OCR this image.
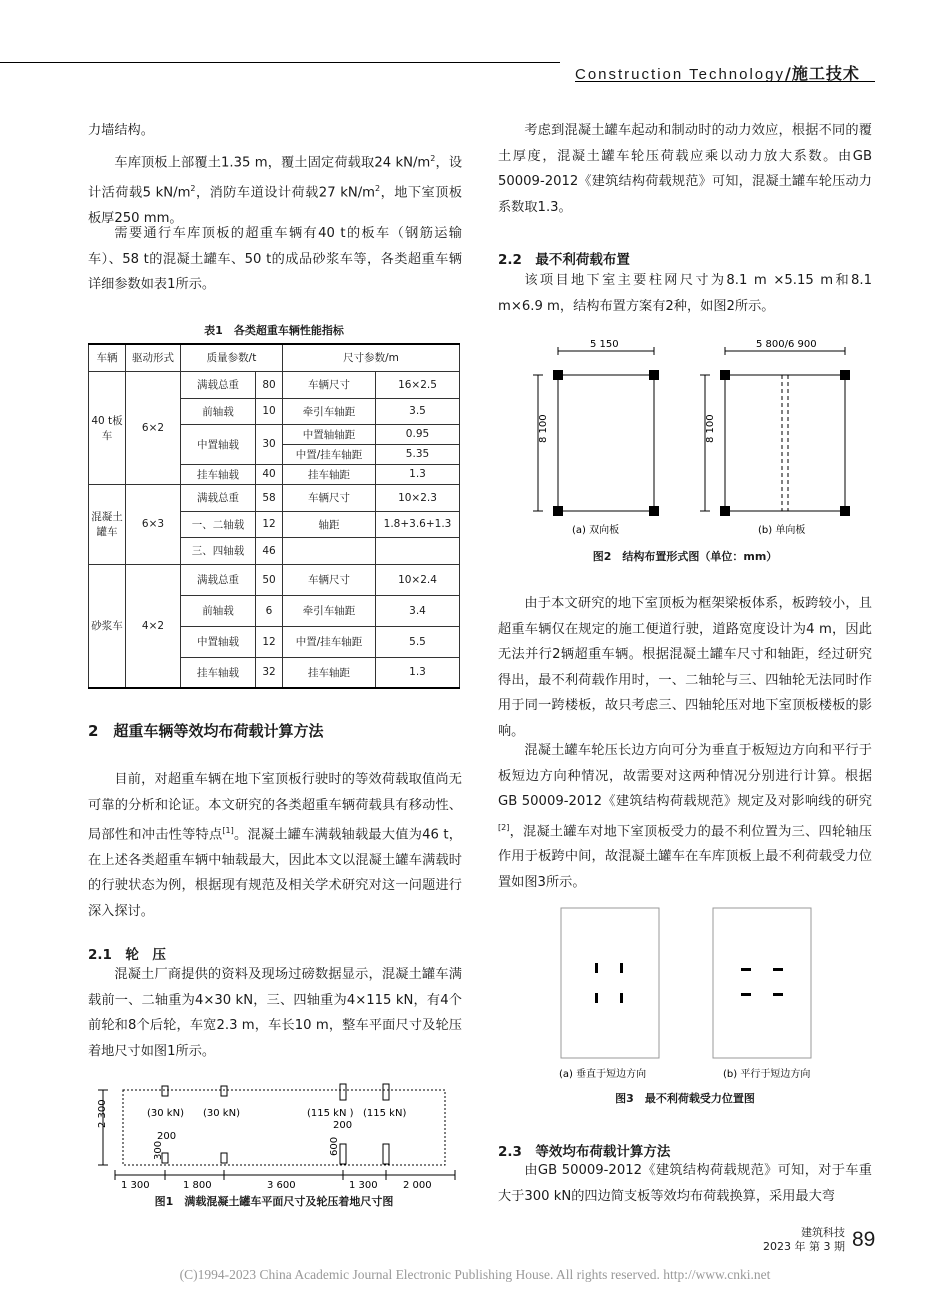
Construction Technology/施工技术

力墙结构。

车库顶板上部覆土1.35 m，覆土固定荷载取24 $kN/m^2$，设计活荷载5 $kN/m^2$，消防车道设计荷载27 $kN/m^2$，地下室顶板板厚250 mm。

需要通行车库顶板的超重车辆有40 t的板车（钢筋运输车）、58 t的混凝土罐车、50 t的成品砂浆车等，各类超重车辆详细参数如表1所示。

表1　各类超重车辆性能指标
车辆	驱动形式	质量参数/t		尺寸参数/m	
40 t板车	6×2	满载总重	80	车辆尺寸	16×2.5
		前轴载	10	牵引车轴距	3.5
		中置轴载	30	中置轴轴距	0.95
				中置/挂车轴距	5.35
		挂车轴载	40	挂车轴距	1.3
混凝土罐车	6×3	满载总重	58	车辆尺寸	10×2.3
		一、二轴载	12	轴距	1.8+3.6+1.3
		三、四轴载	46		
砂浆车	4×2	满载总重	50	车辆尺寸	10×2.4
		前轴载	6	牵引车轴距	3.4
		中置轴载	12	中置/挂车轴距	5.5
		挂车轴载	32	挂车轴距	1.3
2　超重车辆等效均布荷载计算方法

目前，对超重车辆在地下室顶板行驶时的等效荷载取值尚无可靠的分析和论证。本文研究的各类超重车辆荷载具有移动性、局部性和冲击性等特点[1]。混凝土罐车满载轴载最大值为46 t，在上述各类超重车辆中轴载最大，因此本文以混凝土罐车满载时的行驶状态为例，根据现有规范及相关学术研究对这一问题进行深入探讨。

2.1　轮　压

混凝土厂商提供的资料及现场过磅数据显示，混凝土罐车满载前一、二轴重为4×30 kN，三、四轴重为4×115 kN，有4个前轮和8个后轮，车宽2.3 m，车长10 m，整车平面尺寸及轮压着地尺寸如图1所示。

2 300	(30 kN) (30 kN)	(115 kN ) (115 kN)
200
200
300	600
1 300	1 800	3 600	1 300	2 000
图1　满载混凝土罐车平面尺寸及轮压着地尺寸图

考虑到混凝土罐车起动和制动时的动力效应，根据不同的覆土厚度，混凝土罐车轮压荷载应乘以动力放大系数。由GB 50009-2012《建筑结构荷载规范》可知，混凝土罐车轮压动力系数取1.3。

2.2　最不利荷载布置

该项目地下室主要柱网尺寸为8.1 m ×5.15 m和8.1 m×6.9 m，结构布置方案有2种，如图2所示。

5 150	5 800/6 900
8 100	8 100
(a) 双向板	(b) 单向板
图2　结构布置形式图（单位：mm）

由于本文研究的地下室顶板为框架梁板体系，板跨较小，且超重车辆仅在规定的施工便道行驶，道路宽度设计为4 m，因此无法并行2辆超重车辆。根据混凝土罐车尺寸和轴距，经过研究得出，最不利荷载作用时，一、二轴轮与三、四轴轮无法同时作用于同一跨楼板，故只考虑三、四轴轮压对地下室顶板楼板的影响。

混凝土罐车轮压长边方向可分为垂直于板短边方向和平行于板短边方向种情况，故需要对这两种情况分别进行计算。根据GB 50009-2012《建筑结构荷载规范》规定及对影响线的研究[2]，混凝土罐车对地下室顶板受力的最不利位置为三、四轮轴压作用于板跨中间，故混凝土罐车在车库顶板上最不利荷载受力位置如图3所示。

(a) 垂直于短边方向	(b) 平行于短边方向
图3　最不利荷载受力位置图
2.3　等效均布荷载计算方法

由GB 50009-2012《建筑结构荷载规范》可知，对于车重大于300 kN的四边简支板等效均布荷载换算，采用最大弯

建筑科技
2023 年 第 3 期 89
(C)1994-2023 China Academic Journal Electronic Publishing House. All rights reserved. http://www.cnki.net
